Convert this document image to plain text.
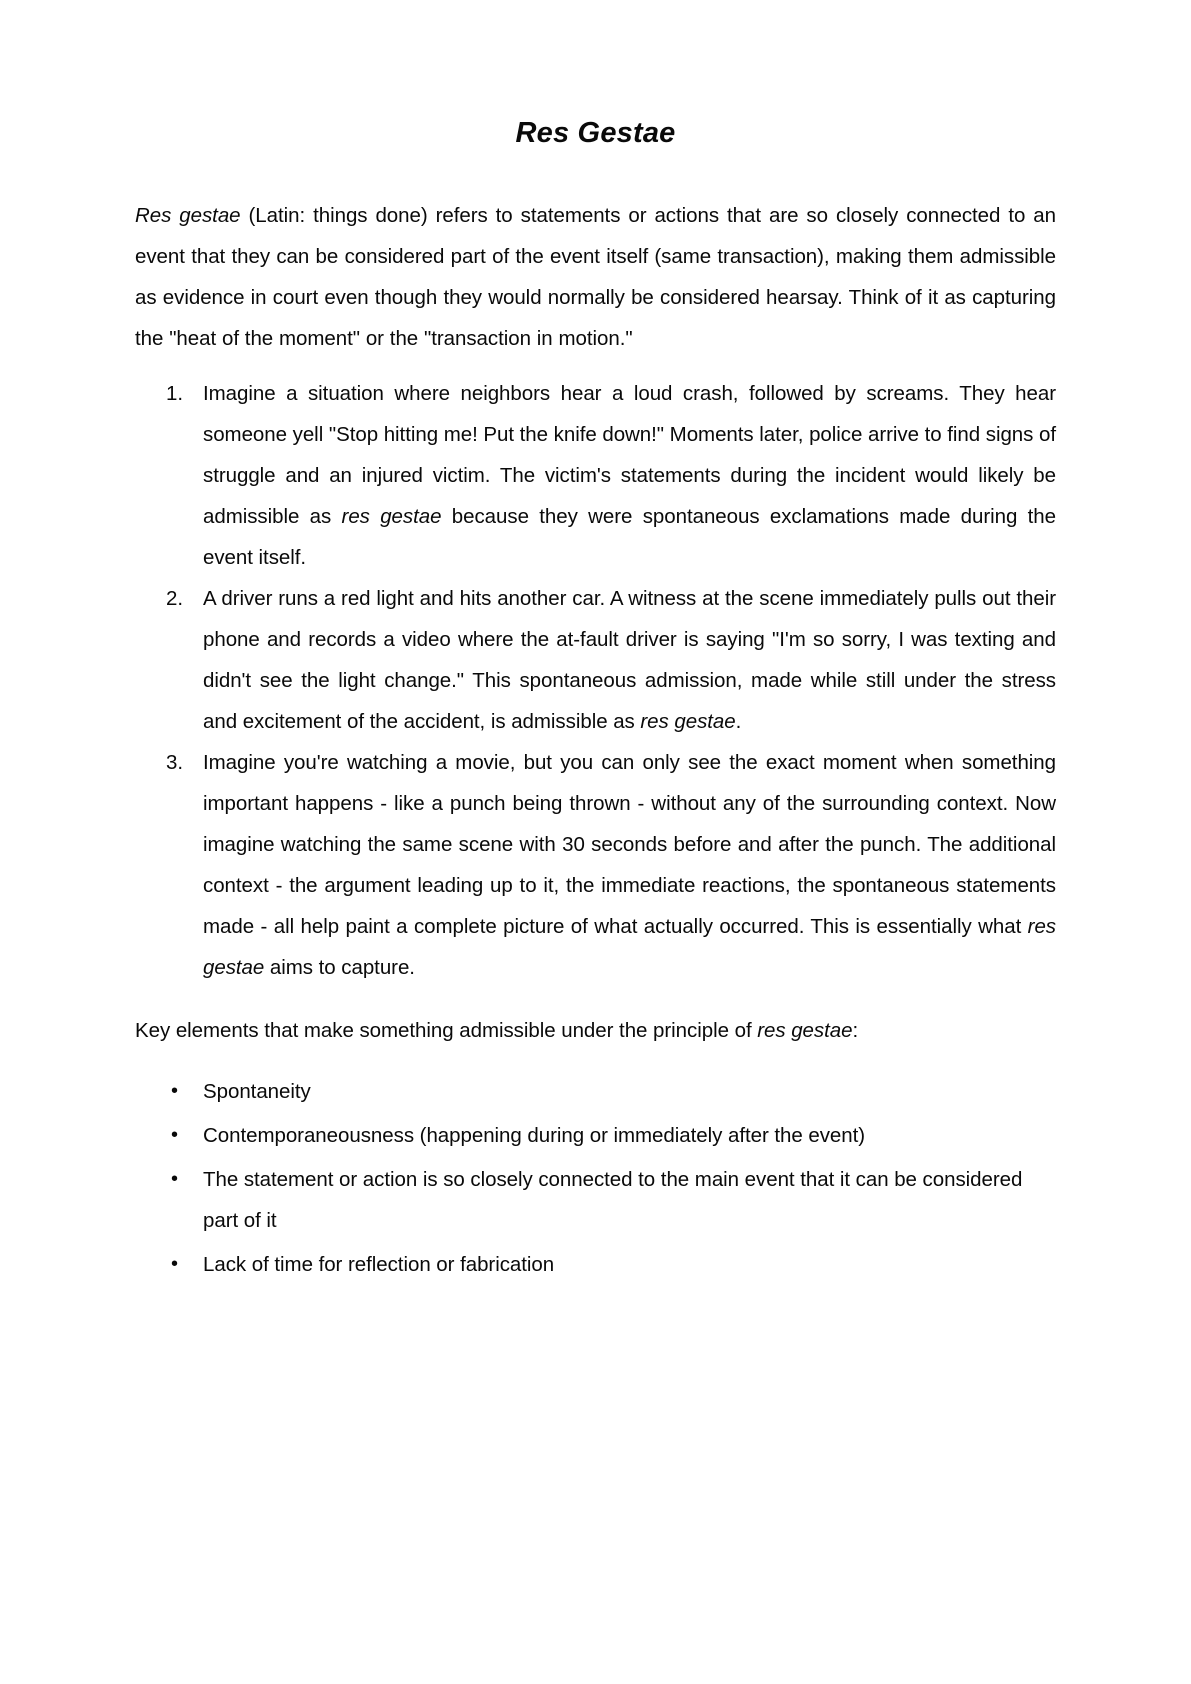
Res Gestae

Res gestae (Latin: things done) refers to statements or actions that are so closely connected to an event that they can be considered part of the event itself (same transaction), making them admissible as evidence in court even though they would normally be considered hearsay. Think of it as capturing the "heat of the moment" or the "transaction in motion."

Imagine a situation where neighbors hear a loud crash, followed by screams. They hear someone yell "Stop hitting me! Put the knife down!" Moments later, police arrive to find signs of struggle and an injured victim. The victim's statements during the incident would likely be admissible as res gestae because they were spontaneous exclamations made during the event itself.
A driver runs a red light and hits another car. A witness at the scene immediately pulls out their phone and records a video where the at-fault driver is saying "I'm so sorry, I was texting and didn't see the light change." This spontaneous admission, made while still under the stress and excitement of the accident, is admissible as res gestae.
Imagine you're watching a movie, but you can only see the exact moment when something important happens - like a punch being thrown - without any of the surrounding context. Now imagine watching the same scene with 30 seconds before and after the punch. The additional context - the argument leading up to it, the immediate reactions, the spontaneous statements made - all help paint a complete picture of what actually occurred. This is essentially what res gestae aims to capture.

Key elements that make something admissible under the principle of res gestae:

• Spontaneity
• Contemporaneousness (happening during or immediately after the event)
• The statement or action is so closely connected to the main event that it can be considered part of it
• Lack of time for reflection or fabrication
